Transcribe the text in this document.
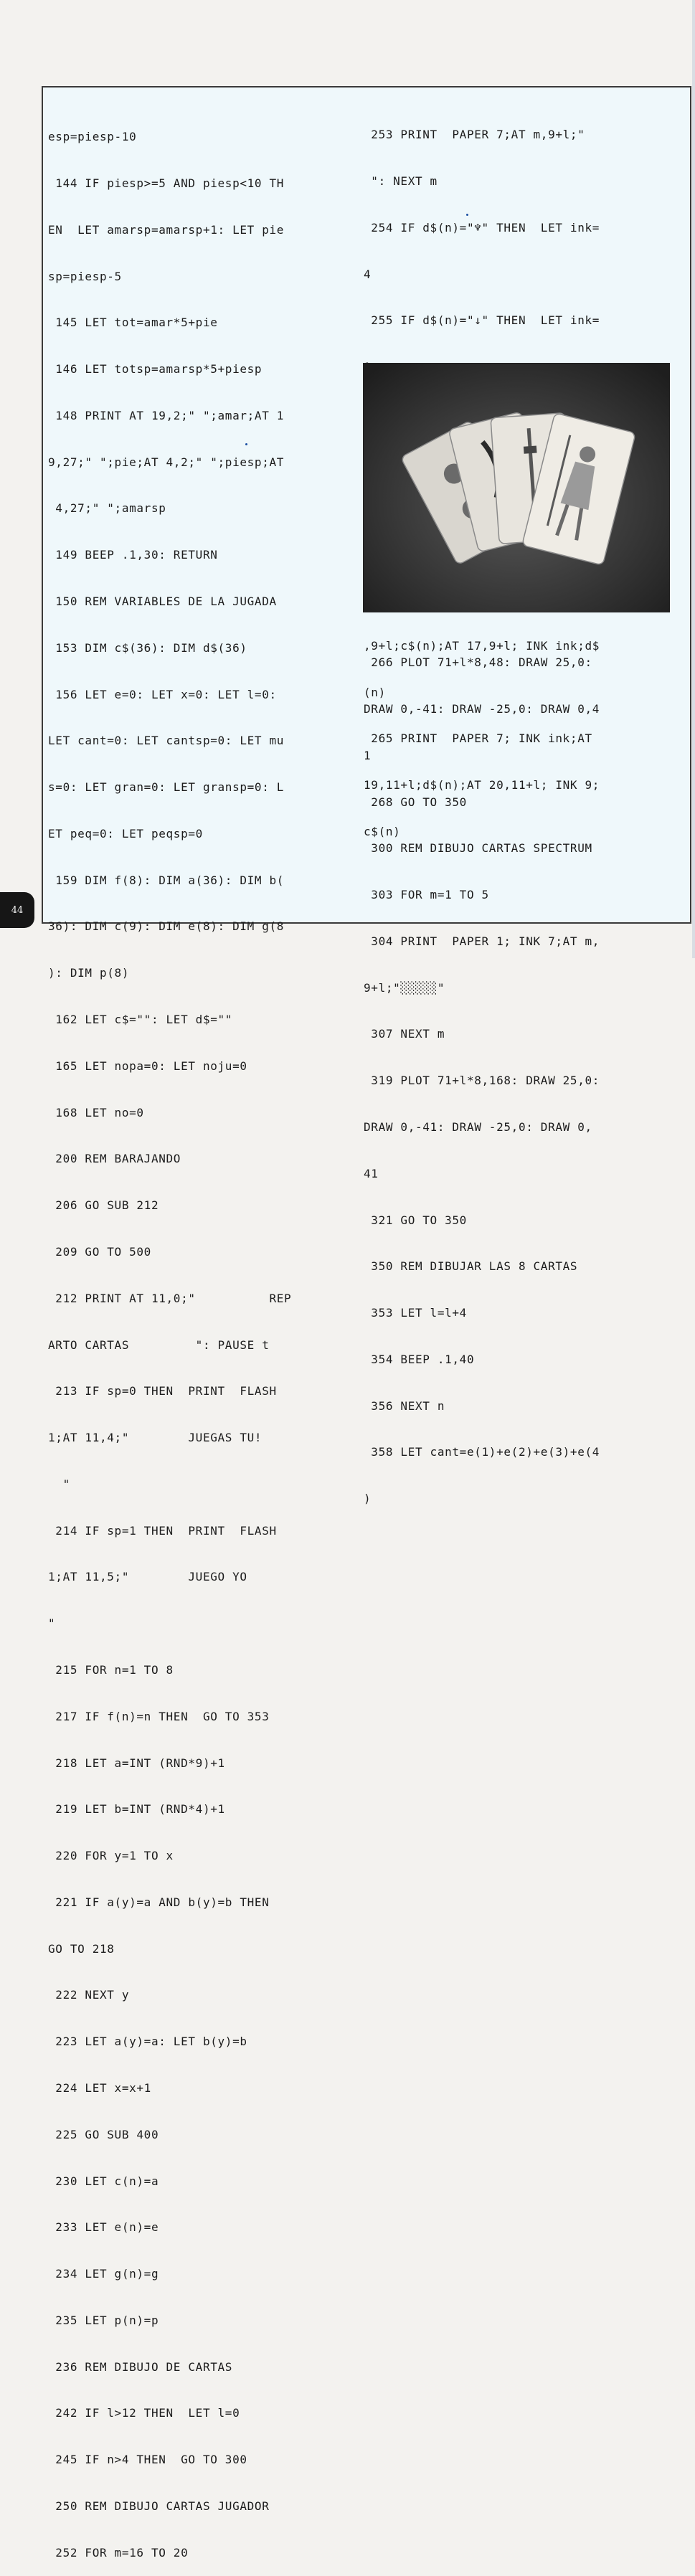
esp=piesp-10

144 IF piesp>=5 AND piesp<10 TH

EN  LET amarsp=amarsp+1: LET pie

sp=piesp-5

145 LET tot=amar*5+pie

146 LET totsp=amarsp*5+piesp

148 PRINT AT 19,2;" ";amar;AT 1

9,27;" ";pie;AT 4,2;" ";piesp;AT

4,27;" ";amarsp

149 BEEP .1,30: RETURN

150 REM VARIABLES DE LA JUGADA

153 DIM c$(36): DIM d$(36)

156 LET e=0: LET x=0: LET l=0:

LET cant=0: LET cantsp=0: LET mu

s=0: LET gran=0: LET gransp=0: L

ET peq=0: LET peqsp=0

159 DIM f(8): DIM a(36): DIM b(

36): DIM c(9): DIM e(8): DIM g(8

): DIM p(8)

162 LET c$="": LET d$=""

165 LET nopa=0: LET noju=0

168 LET no=0

200 REM BARAJANDO

206 GO SUB 212

209 GO TO 500

212 PRINT AT 11,0;"          REP

ARTO CARTAS         ": PAUSE t

213 IF sp=0 THEN  PRINT  FLASH

1;AT 11,4;"        JUEGAS TU!

"

214 IF sp=1 THEN  PRINT  FLASH

1;AT 11,5;"        JUEGO YO

"

215 FOR n=1 TO 8

217 IF f(n)=n THEN  GO TO 353

218 LET a=INT (RND*9)+1

219 LET b=INT (RND*4)+1

220 FOR y=1 TO x

221 IF a(y)=a AND b(y)=b THEN

GO TO 218

222 NEXT y

223 LET a(y)=a: LET b(y)=b

224 LET x=x+1

225 GO SUB 400

230 LET c(n)=a

233 LET e(n)=e

234 LET g(n)=g

235 LET p(n)=p

236 REM DIBUJO DE CARTAS

242 IF l>12 THEN  LET l=0

245 IF n>4 THEN  GO TO 300

250 REM DIBUJO CARTAS JUGADOR

252 FOR m=16 TO 20

253 PRINT  PAPER 7;AT m,9+l;"

": NEXT m

254 IF d$(n)="♆" THEN  LET ink=

4

255 IF d$(n)="↓" THEN  LET ink=

,9+l;c$(n);AT 17,9+l; INK ink;d$

(n)

265 PRINT  PAPER 7; INK ink;AT

19,11+l;d$(n);AT 20,11+l; INK 9;

c$(n)

266 PLOT 71+l*8,48: DRAW 25,0:

DRAW 0,-41: DRAW -25,0: DRAW 0,4

1

268 GO TO 350

300 REM DIBUJO CARTAS SPECTRUM

303 FOR m=1 TO 5

304 PRINT  PAPER 1; INK 7;AT m,

9+l;"░░░░░"

307 NEXT m

319 PLOT 71+l*8,168: DRAW 25,0:

DRAW 0,-41: DRAW -25,0: DRAW 0,

41

321 GO TO 350

350 REM DIBUJAR LAS 8 CARTAS

353 LET l=l+4

354 BEEP .1,40

356 NEXT n

358 LET cant=e(1)+e(2)+e(3)+e(4

)

44
